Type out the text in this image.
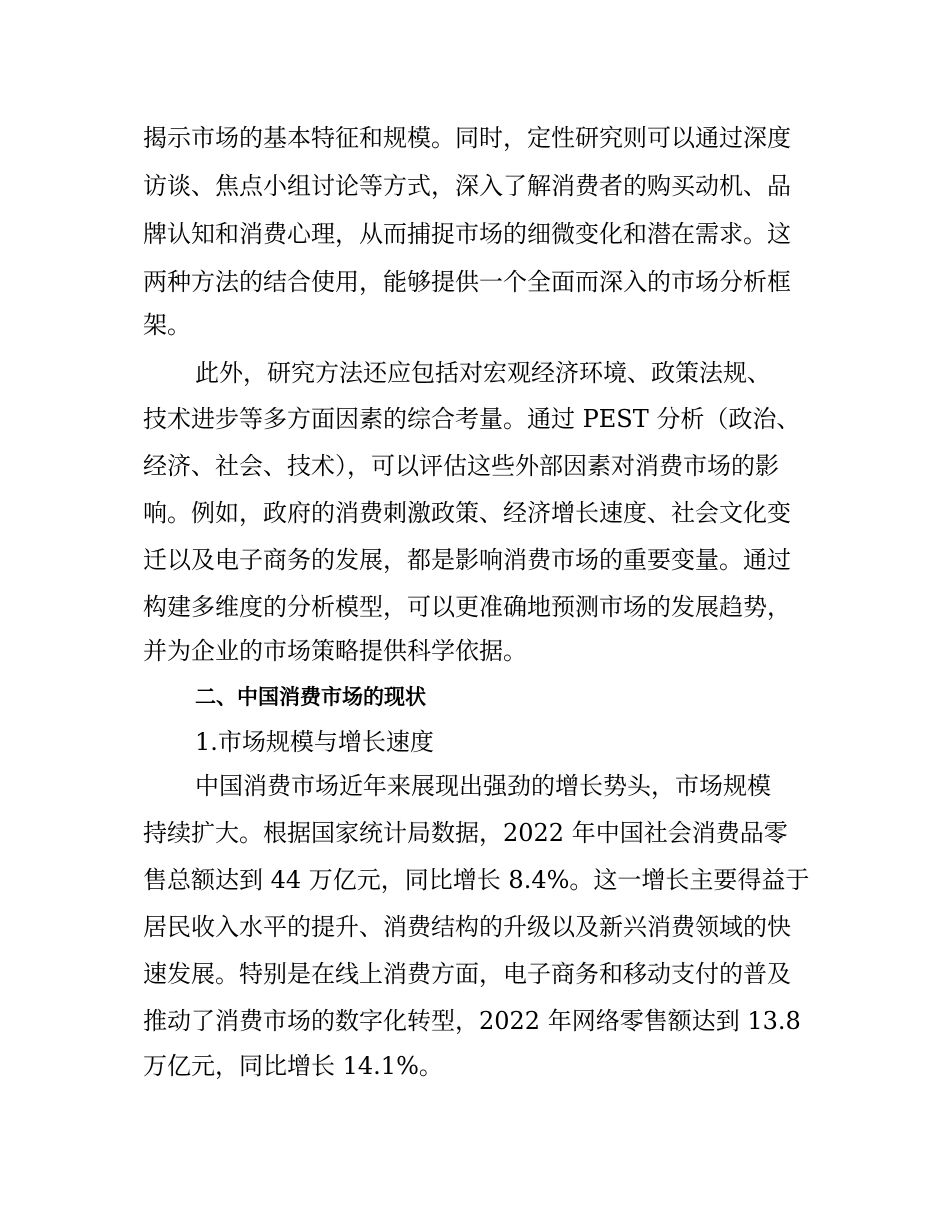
揭示市场的基本特征和规模。同时，定性研究则可以通过深度
访谈、焦点小组讨论等方式，深入了解消费者的购买动机、品
牌认知和消费心理，从而捕捉市场的细微变化和潜在需求。这
两种方法的结合使用，能够提供一个全面而深入的市场分析框
架。
此外，研究方法还应包括对宏观经济环境、政策法规、
技术进步等多方面因素的综合考量。通过 PEST 分析（政治、
经济、社会、技术），可以评估这些外部因素对消费市场的影
响。例如，政府的消费刺激政策、经济增长速度、社会文化变
迁以及电子商务的发展，都是影响消费市场的重要变量。通过
构建多维度的分析模型，可以更准确地预测市场的发展趋势，
并为企业的市场策略提供科学依据。
二、中国消费市场的现状
1.市场规模与增长速度
中国消费市场近年来展现出强劲的增长势头，市场规模
持续扩大。根据国家统计局数据，2022 年中国社会消费品零
售总额达到 44 万亿元，同比增长 8.4%。这一增长主要得益于
居民收入水平的提升、消费结构的升级以及新兴消费领域的快
速发展。特别是在线上消费方面，电子商务和移动支付的普及
推动了消费市场的数字化转型，2022 年网络零售额达到 13.8
万亿元，同比增长 14.1%。
